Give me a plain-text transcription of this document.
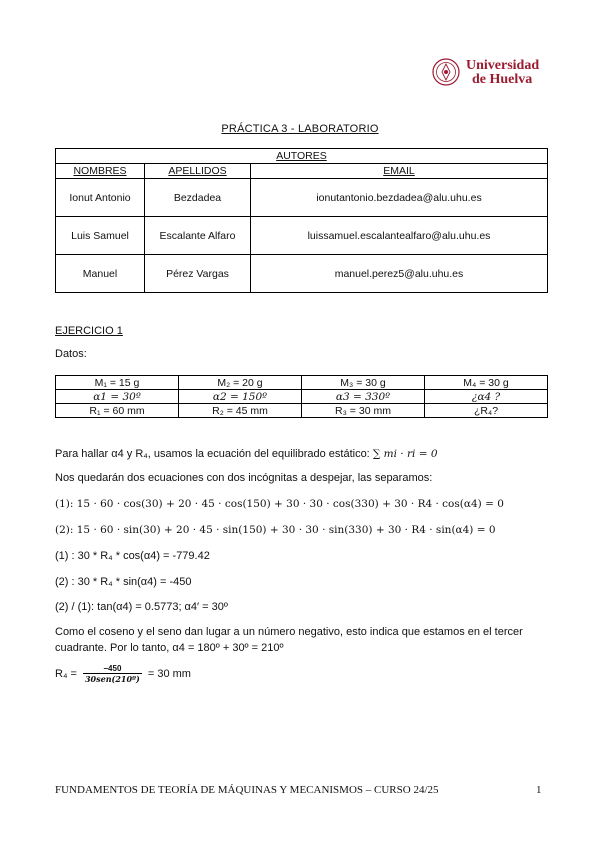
Universidad
de Huelva
PRÁCTICA 3 - LABORATORIO
AUTORES		
NOMBRES	APELLIDOS	EMAIL
Ionut Antonio	Bezdadea	ionutantonio.bezdadea@alu.uhu.es
Luis Samuel	Escalante Alfaro	luissamuel.escalantealfaro@alu.uhu.es
Manuel	Pérez Vargas	manuel.perez5@alu.uhu.es
EJERCICIO 1
Datos:
M₁ = 15 g	M₂ = 20 g	M₃ = 30 g	M₄ = 30 g
α1 = 30º	α2 = 150º	α3 = 330º	¿α4 ?
R₁ = 60 mm	R₂ = 45 mm	R₃ = 30 mm	¿R₄?
Para hallar α4 y R₄, usamos la ecuación del equilibrado estático: ∑ mi · ri = 0
Nos quedarán dos ecuaciones con dos incógnitas a despejar, las separamos:
(1): 15 · 60 · cos(30) + 20 · 45 · cos(150) + 30 · 30 · cos(330) + 30 · R4 · cos(α4) = 0
(2): 15 · 60 · sin(30) + 20 · 45 · sin(150) + 30 · 30 · sin(330) + 30 · R4 · sin(α4) = 0
(1) : 30 * R₄ * cos(α4) = -779.42
(2) : 30 * R₄ * sin(α4) = -450
(2) / (1): tan(α4) = 0.5773; α4′ = 30º
Como el coseno y el seno dan lugar a un número negativo, esto indica que estamos en el tercer cuadrante. Por lo tanto, α4 = 180º + 30º = 210º
$R_4 = \frac{-450}{\text{30sen(210º)}} = 30$ mm
FUNDAMENTOS DE TEORÍA DE MÁQUINAS Y MECANISMOS – CURSO 24/25	1
